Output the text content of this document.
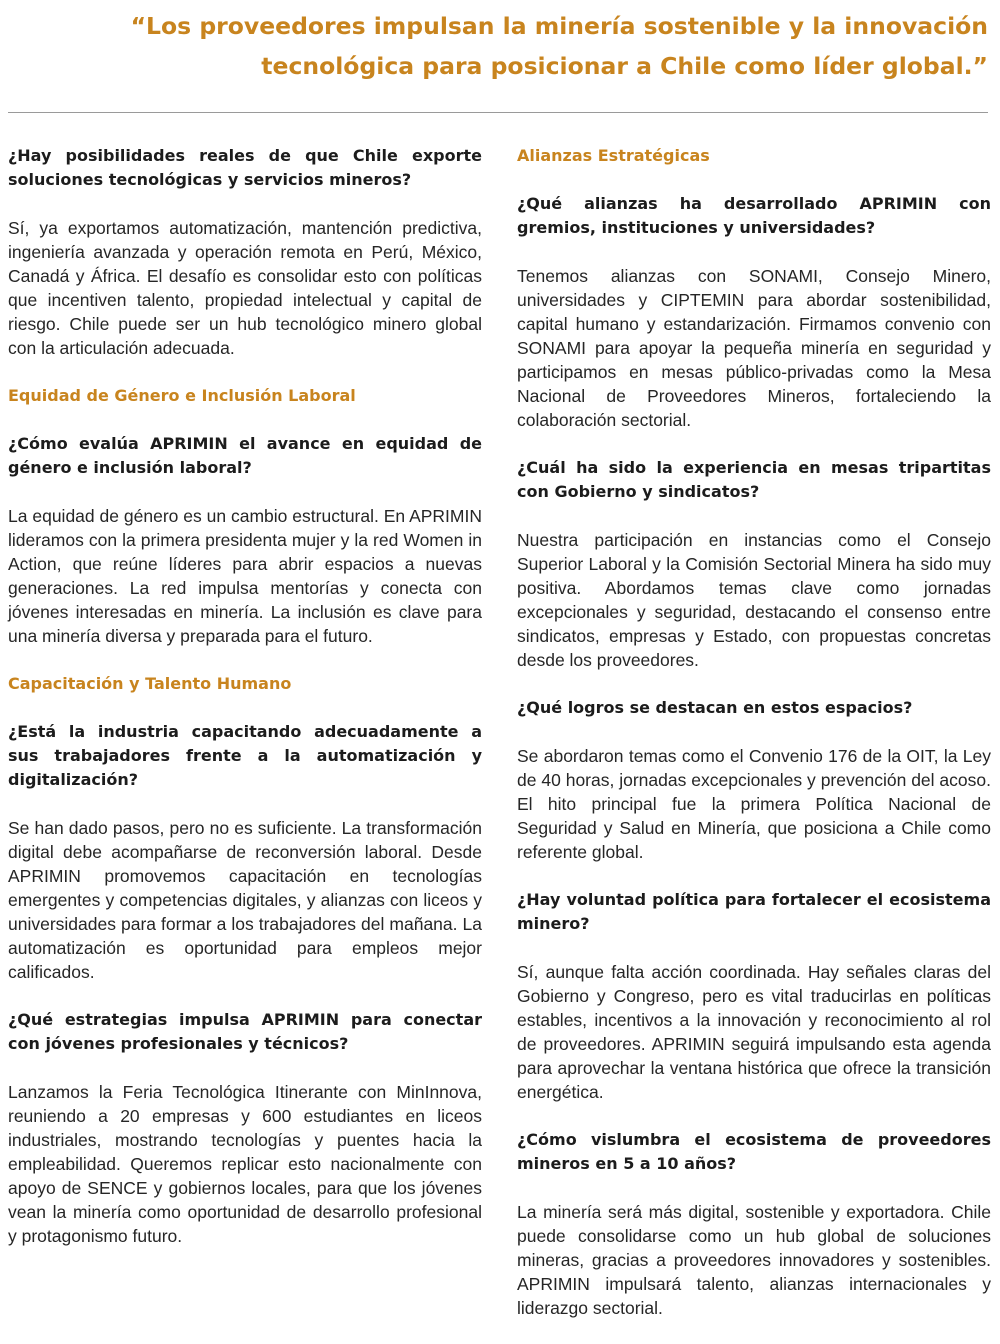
“Los proveedores impulsan la minería sostenible y la innovación tecnológica para posicionar a Chile como líder global.”

¿Hay posibilidades reales de que Chile exporte soluciones tecnológicas y servicios mineros?

Sí, ya exportamos automatización, mantención predictiva, ingeniería avanzada y operación remota en Perú, México, Canadá y África. El desafío es consolidar esto con políticas que incentiven talento, propiedad intelectual y capital de riesgo. Chile puede ser un hub tecnológico minero global con la articulación adecuada.

Equidad de Género e Inclusión Laboral

¿Cómo evalúa APRIMIN el avance en equidad de género e inclusión laboral?

La equidad de género es un cambio estructural. En APRIMIN lideramos con la primera presidenta mujer y la red Women in Action, que reúne líderes para abrir espacios a nuevas generaciones. La red impulsa mentorías y conecta con jóvenes interesadas en minería. La inclusión es clave para una minería diversa y preparada para el futuro.

Capacitación y Talento Humano

¿Está la industria capacitando adecuadamente a sus trabajadores frente a la automatización y digitalización?

Se han dado pasos, pero no es suficiente. La transformación digital debe acompañarse de reconversión laboral. Desde APRIMIN promovemos capacitación en tecnologías emergentes y competencias digitales, y alianzas con liceos y universidades para formar a los trabajadores del mañana. La automatización es oportunidad para empleos mejor calificados.

¿Qué estrategias impulsa APRIMIN para conectar con jóvenes profesionales y técnicos?

Lanzamos la Feria Tecnológica Itinerante con MinInnova, reuniendo a 20 empresas y 600 estudiantes en liceos industriales, mostrando tecnologías y puentes hacia la empleabilidad. Queremos replicar esto nacionalmente con apoyo de SENCE y gobiernos locales, para que los jóvenes vean la minería como oportunidad de desarrollo profesional y protagonismo futuro.

Alianzas Estratégicas

¿Qué alianzas ha desarrollado APRIMIN con gremios, instituciones y universidades?

Tenemos alianzas con SONAMI, Consejo Minero, universidades y CIPTEMIN para abordar sostenibilidad, capital humano y estandarización. Firmamos convenio con SONAMI para apoyar la pequeña minería en seguridad y participamos en mesas público-privadas como la Mesa Nacional de Proveedores Mineros, fortaleciendo la colaboración sectorial.

¿Cuál ha sido la experiencia en mesas tripartitas con Gobierno y sindicatos?

Nuestra participación en instancias como el Consejo Superior Laboral y la Comisión Sectorial Minera ha sido muy positiva. Abordamos temas clave como jornadas excepcionales y seguridad, destacando el consenso entre sindicatos, empresas y Estado, con propuestas concretas desde los proveedores.

¿Qué logros se destacan en estos espacios?

Se abordaron temas como el Convenio 176 de la OIT, la Ley de 40 horas, jornadas excepcionales y prevención del acoso. El hito principal fue la primera Política Nacional de Seguridad y Salud en Minería, que posiciona a Chile como referente global.

¿Hay voluntad política para fortalecer el ecosistema minero?

Sí, aunque falta acción coordinada. Hay señales claras del Gobierno y Congreso, pero es vital traducirlas en políticas estables, incentivos a la innovación y reconocimiento al rol de proveedores. APRIMIN seguirá impulsando esta agenda para aprovechar la ventana histórica que ofrece la transición energética.

¿Cómo vislumbra el ecosistema de proveedores mineros en 5 a 10 años?

La minería será más digital, sostenible y exportadora. Chile puede consolidarse como un hub global de soluciones mineras, gracias a proveedores innovadores y sostenibles. APRIMIN impulsará talento, alianzas internacionales y liderazgo sectorial.
